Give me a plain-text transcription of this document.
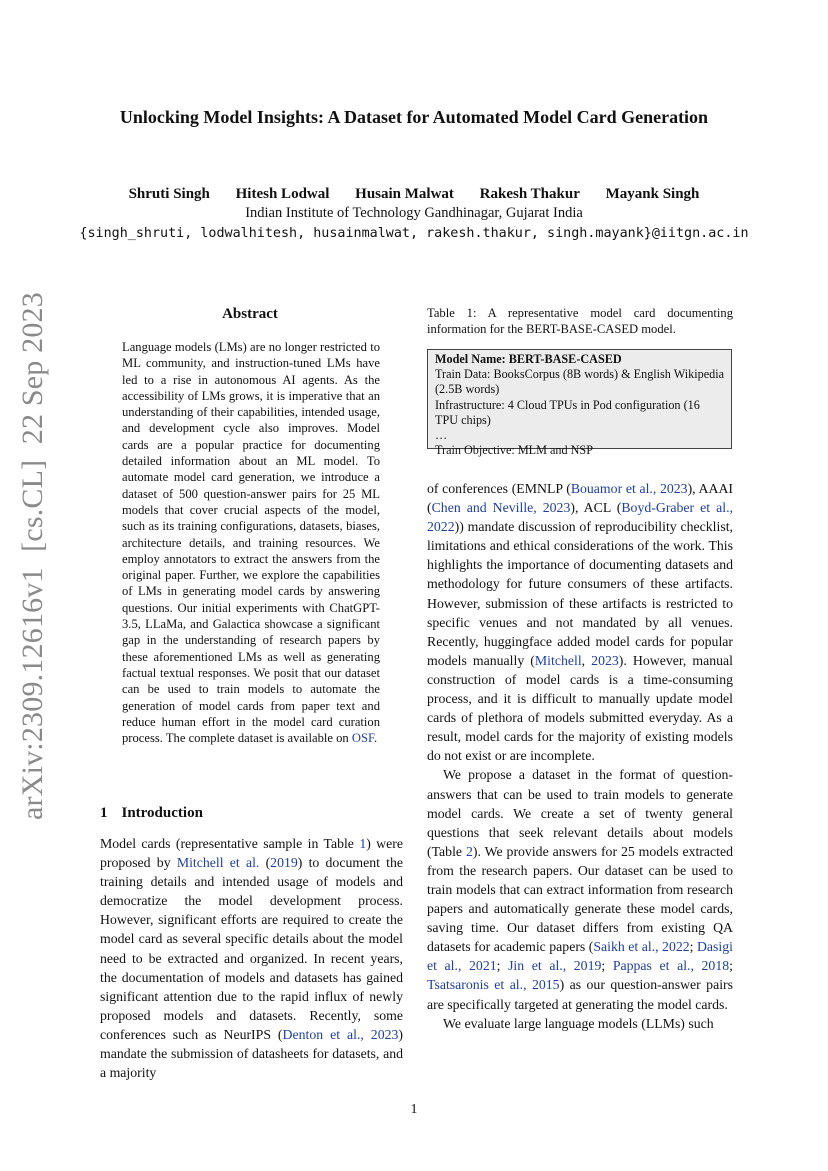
arXiv:2309.12616v1  [cs.CL]  22 Sep 2023
Unlocking Model Insights: A Dataset for Automated Model Card Generation
Shruti Singh Hitesh Lodwal Husain Malwat Rakesh Thakur Mayank Singh
Indian Institute of Technology Gandhinagar, Gujarat India
{singh_shruti, lodwalhitesh, husainmalwat, rakesh.thakur, singh.mayank}@iitgn.ac.in
Abstract

Language models (LMs) are no longer restricted to ML community, and instruction-tuned LMs have led to a rise in autonomous AI agents. As the accessibility of LMs grows, it is imperative that an understanding of their capabilities, intended usage, and development cycle also improves. Model cards are a popular practice for documenting detailed information about an ML model. To automate model card generation, we introduce a dataset of 500 question-answer pairs for 25 ML models that cover crucial aspects of the model, such as its training configurations, datasets, biases, architecture details, and training resources. We employ annotators to extract the answers from the original paper. Further, we explore the capabilities of LMs in generating model cards by answering questions. Our initial experiments with ChatGPT-3.5, LLaMa, and Galactica showcase a significant gap in the understanding of research papers by these aforementioned LMs as well as generating factual textual responses. We posit that our dataset can be used to train models to automate the generation of model cards from paper text and reduce human effort in the model card curation process. The complete dataset is available on OSF.

1 Introduction

Model cards (representative sample in Table 1) were proposed by Mitchell et al. (2019) to document the training details and intended usage of models and democratize the model development process. However, significant efforts are required to create the model card as several specific details about the model need to be extracted and organized. In recent years, the documentation of models and datasets has gained significant attention due to the rapid influx of newly proposed models and datasets. Recently, some conferences such as NeurIPS (Denton et al., 2023) mandate the submission of datasheets for datasets, and a majority

Table 1: A representative model card documenting information for the BERT-BASE-CASED model.
Model Name: BERT-BASE-CASED
Train Data: BooksCorpus (8B words) & English Wikipedia (2.5B words)
Infrastructure: 4 Cloud TPUs in Pod configuration (16 TPU chips)
…
Train Objective: MLM and NSP

of conferences (EMNLP (Bouamor et al., 2023), AAAI (Chen and Neville, 2023), ACL (Boyd-Graber et al., 2022)) mandate discussion of reproducibility checklist, limitations and ethical considerations of the work. This highlights the importance of documenting datasets and methodology for future consumers of these artifacts. However, submission of these artifacts is restricted to specific venues and not mandated by all venues. Recently, huggingface added model cards for popular models manually (Mitchell, 2023). However, manual construction of model cards is a time-consuming process, and it is difficult to manually update model cards of plethora of models submitted everyday. As a result, model cards for the majority of existing models do not exist or are incomplete.

We propose a dataset in the format of question-answers that can be used to train models to generate model cards. We create a set of twenty general questions that seek relevant details about models (Table 2). We provide answers for 25 models extracted from the research papers. Our dataset can be used to train models that can extract information from research papers and automatically generate these model cards, saving time. Our dataset differs from existing QA datasets for academic papers (Saikh et al., 2022; Dasigi et al., 2021; Jin et al., 2019; Pappas et al., 2018; Tsatsaronis et al., 2015) as our question-answer pairs are specifically targeted at generating the model cards.

We evaluate large language models (LLMs) such

1
